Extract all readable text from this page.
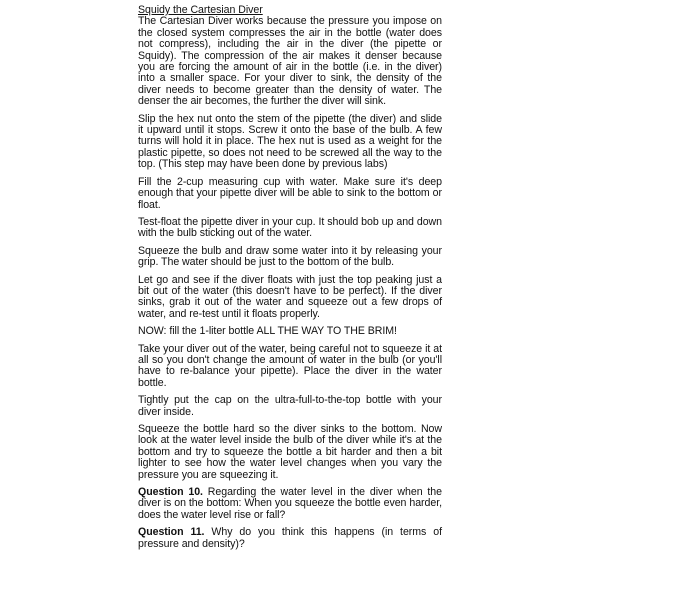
Squidy the Cartesian Diver

The Cartesian Diver works because the pressure you impose on the closed system compresses the air in the bottle (water does not compress), including the air in the diver (the pipette or Squidy). The compression of the air makes it denser because you are forcing the amount of air in the bottle (i.e. in the diver) into a smaller space. For your diver to sink, the density of the diver needs to become greater than the density of water. The denser the air becomes, the further the diver will sink.

Slip the hex nut onto the stem of the pipette (the diver) and slide it upward until it stops. Screw it onto the base of the bulb. A few turns will hold it in place. The hex nut is used as a weight for the plastic pipette, so does not need to be screwed all the way to the top. (This step may have been done by previous labs)

Fill the 2-cup measuring cup with water. Make sure it's deep enough that your pipette diver will be able to sink to the bottom or float.

Test-float the pipette diver in your cup. It should bob up and down with the bulb sticking out of the water.

Squeeze the bulb and draw some water into it by releasing your grip. The water should be just to the bottom of the bulb.

Let go and see if the diver floats with just the top peaking just a bit out of the water (this doesn't have to be perfect). If the diver sinks, grab it out of the water and squeeze out a few drops of water, and re-test until it floats properly.

NOW: fill the 1-liter bottle ALL THE WAY TO THE BRIM!

Take your diver out of the water, being careful not to squeeze it at all so you don't change the amount of water in the bulb (or you'll have to re-balance your pipette). Place the diver in the water bottle.

Tightly put the cap on the ultra-full-to-the-top bottle with your diver inside.

Squeeze the bottle hard so the diver sinks to the bottom. Now look at the water level inside the bulb of the diver while it's at the bottom and try to squeeze the bottle a bit harder and then a bit lighter to see how the water level changes when you vary the pressure you are squeezing it.

Question 10. Regarding the water level in the diver when the diver is on the bottom: When you squeeze the bottle even harder, does the water level rise or fall?

Question 11. Why do you think this happens (in terms of pressure and density)?
